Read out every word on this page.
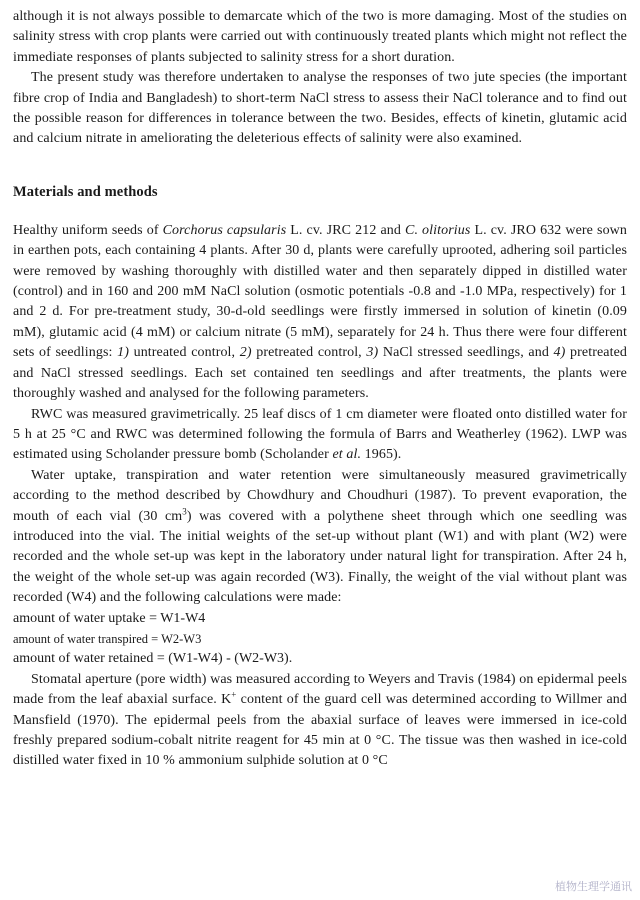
although it is not always possible to demarcate which of the two is more damaging. Most of the studies on salinity stress with crop plants were carried out with continuously treated plants which might not reflect the immediate responses of plants subjected to salinity stress for a short duration.

The present study was therefore undertaken to analyse the responses of two jute species (the important fibre crop of India and Bangladesh) to short-term NaCl stress to assess their NaCl tolerance and to find out the possible reason for differences in tolerance between the two. Besides, effects of kinetin, glutamic acid and calcium nitrate in ameliorating the deleterious effects of salinity were also examined.

Materials and methods

Healthy uniform seeds of Corchorus capsularis L. cv. JRC 212 and C. olitorius L. cv. JRO 632 were sown in earthen pots, each containing 4 plants. After 30 d, plants were carefully uprooted, adhering soil particles were removed by washing thoroughly with distilled water and then separately dipped in distilled water (control) and in 160 and 200 mM NaCl solution (osmotic potentials -0.8 and -1.0 MPa, respectively) for 1 and 2 d. For pre-treatment study, 30-d-old seedlings were firstly immersed in solution of kinetin (0.09 mM), glutamic acid (4 mM) or calcium nitrate (5 mM), separately for 24 h. Thus there were four different sets of seedlings: 1) untreated control, 2) pretreated control, 3) NaCl stressed seedlings, and 4) pretreated and NaCl stressed seedlings. Each set contained ten seedlings and after treatments, the plants were thoroughly washed and analysed for the following parameters.

RWC was measured gravimetrically. 25 leaf discs of 1 cm diameter were floated onto distilled water for 5 h at 25 °C and RWC was determined following the formula of Barrs and Weatherley (1962). LWP was estimated using Scholander pressure bomb (Scholander et al. 1965).

Water uptake, transpiration and water retention were simultaneously measured gravimetrically according to the method described by Chowdhury and Choudhuri (1987). To prevent evaporation, the mouth of each vial (30 $cm^3$) was covered with a polythene sheet through which one seedling was introduced into the vial. The initial weights of the set-up without plant (W1) and with plant (W2) were recorded and the whole set-up was kept in the laboratory under natural light for transpiration. After 24 h, the weight of the whole set-up was again recorded (W3). Finally, the weight of the vial without plant was recorded (W4) and the following calculations were made:

amount of water uptake = W1-W4

amount of water transpired = W2-W3

amount of water retained = (W1-W4) - (W2-W3).

Stomatal aperture (pore width) was measured according to Weyers and Travis (1984) on epidermal peels made from the leaf abaxial surface. K+ content of the guard cell was determined according to Willmer and Mansfield (1970). The epidermal peels from the abaxial surface of leaves were immersed in ice-cold freshly prepared sodium-cobalt nitrite reagent for 45 min at 0 °C. The tissue was then washed in ice-cold distilled water fixed in 10 % ammonium sulphide solution at 0 °C

植物生理学通讯
